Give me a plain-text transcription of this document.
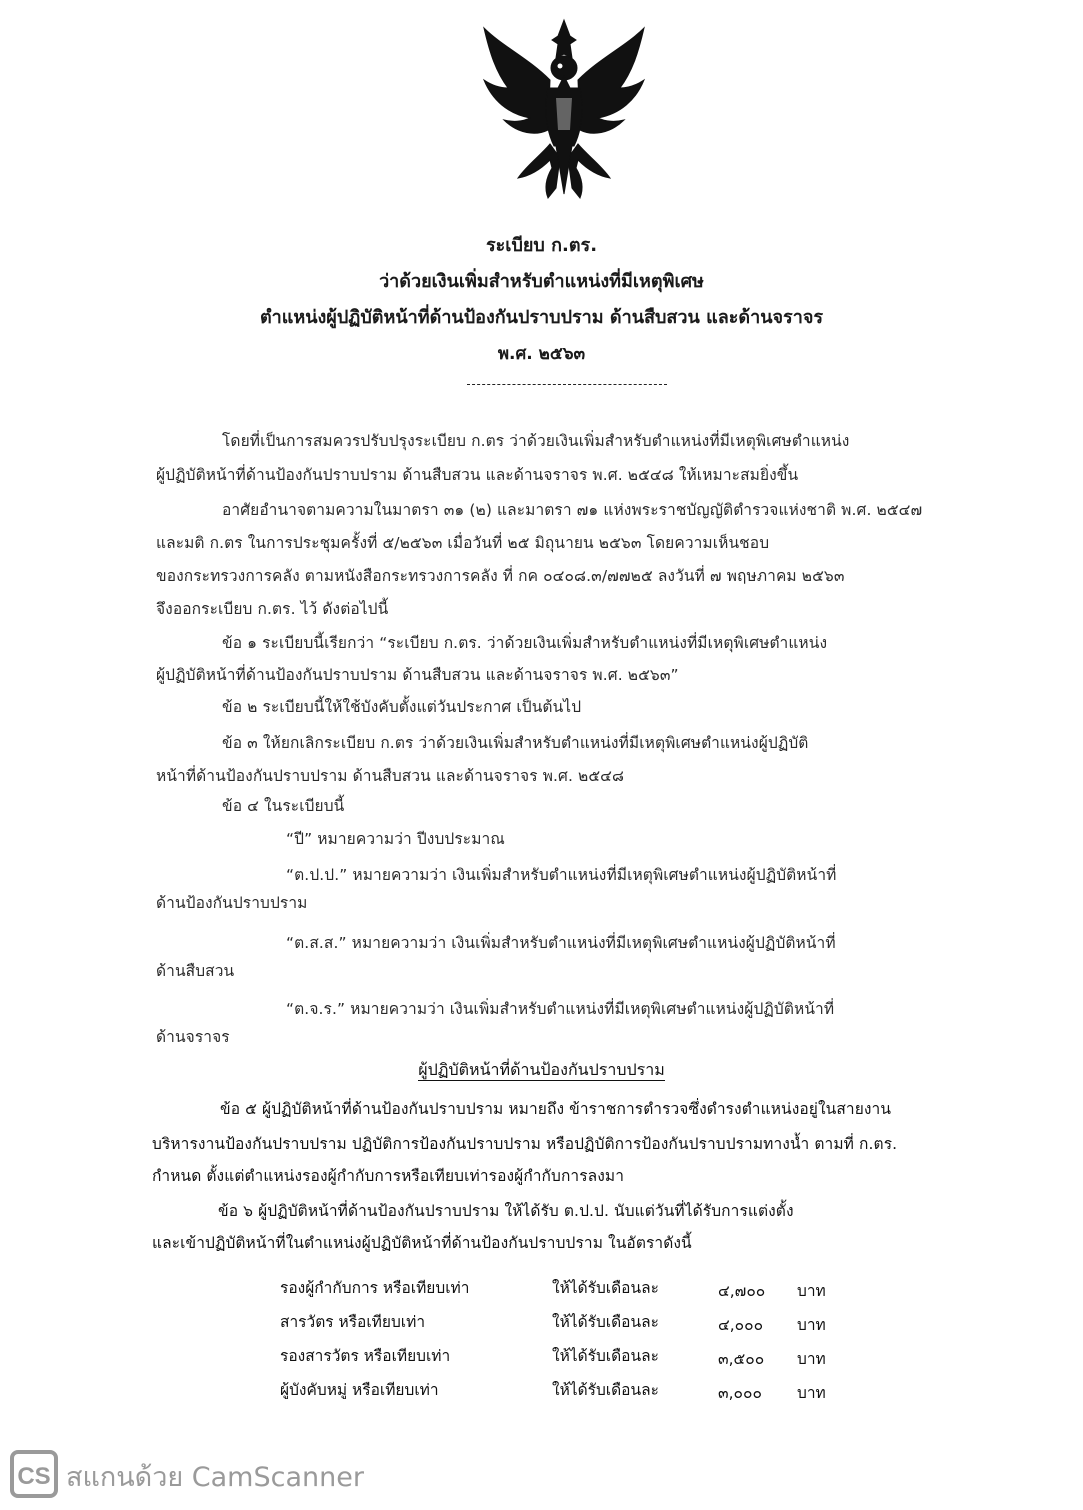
ระเบียบ ก.ตร.
ว่าด้วยเงินเพิ่มสำหรับตำแหน่งที่มีเหตุพิเศษ
ตำแหน่งผู้ปฏิบัติหน้าที่ด้านป้องกันปราบปราม ด้านสืบสวน และด้านจราจร
พ.ศ. ๒๕๖๓
โดยที่เป็นการสมควรปรับปรุงระเบียบ ก.ตร ว่าด้วยเงินเพิ่มสำหรับตำแหน่งที่มีเหตุพิเศษตำแหน่ง
ผู้ปฏิบัติหน้าที่ด้านป้องกันปราบปราม ด้านสืบสวน และด้านจราจร พ.ศ. ๒๕๔๘ ให้เหมาะสมยิ่งขึ้น
อาศัยอำนาจตามความในมาตรา ๓๑ (๒) และมาตรา ๗๑ แห่งพระราชบัญญัติตำรวจแห่งชาติ พ.ศ. ๒๕๔๗
และมติ ก.ตร ในการประชุมครั้งที่ ๕/๒๕๖๓ เมื่อวันที่ ๒๕ มิถุนายน ๒๕๖๓ โดยความเห็นชอบ
ของกระทรวงการคลัง ตามหนังสือกระทรวงการคลัง ที่ กค ๐๔๐๘.๓/๗๗๒๕ ลงวันที่ ๗ พฤษภาคม ๒๕๖๓
จึงออกระเบียบ ก.ตร. ไว้ ดังต่อไปนี้
ข้อ ๑ ระเบียบนี้เรียกว่า “ระเบียบ ก.ตร. ว่าด้วยเงินเพิ่มสำหรับตำแหน่งที่มีเหตุพิเศษตำแหน่ง
ผู้ปฏิบัติหน้าที่ด้านป้องกันปราบปราม ด้านสืบสวน และด้านจราจร พ.ศ. ๒๕๖๓”
ข้อ ๒ ระเบียบนี้ให้ใช้บังคับตั้งแต่วันประกาศ เป็นต้นไป
ข้อ ๓ ให้ยกเลิกระเบียบ ก.ตร ว่าด้วยเงินเพิ่มสำหรับตำแหน่งที่มีเหตุพิเศษตำแหน่งผู้ปฏิบัติ
หน้าที่ด้านป้องกันปราบปราม ด้านสืบสวน และด้านจราจร พ.ศ. ๒๕๔๘
ข้อ ๔ ในระเบียบนี้
“ปี” หมายความว่า ปีงบประมาณ
“ต.ป.ป.” หมายความว่า เงินเพิ่มสำหรับตำแหน่งที่มีเหตุพิเศษตำแหน่งผู้ปฏิบัติหน้าที่
ด้านป้องกันปราบปราม
“ต.ส.ส.” หมายความว่า เงินเพิ่มสำหรับตำแหน่งที่มีเหตุพิเศษตำแหน่งผู้ปฏิบัติหน้าที่
ด้านสืบสวน
“ต.จ.ร.” หมายความว่า เงินเพิ่มสำหรับตำแหน่งที่มีเหตุพิเศษตำแหน่งผู้ปฏิบัติหน้าที่
ด้านจราจร
ผู้ปฏิบัติหน้าที่ด้านป้องกันปราบปราม
ข้อ ๕ ผู้ปฏิบัติหน้าที่ด้านป้องกันปราบปราม หมายถึง ข้าราชการตำรวจซึ่งดำรงตำแหน่งอยู่ในสายงาน
บริหารงานป้องกันปราบปราม ปฏิบัติการป้องกันปราบปราม หรือปฏิบัติการป้องกันปราบปรามทางน้ำ ตามที่ ก.ตร.
กำหนด ตั้งแต่ตำแหน่งรองผู้กำกับการหรือเทียบเท่ารองผู้กำกับการลงมา
ข้อ ๖ ผู้ปฏิบัติหน้าที่ด้านป้องกันปราบปราม ให้ได้รับ ต.ป.ป. นับแต่วันที่ได้รับการแต่งตั้ง
และเข้าปฏิบัติหน้าที่ในตำแหน่งผู้ปฏิบัติหน้าที่ด้านป้องกันปราบปราม ในอัตราดังนี้
รองผู้กำกับการ หรือเทียบเท่า	ให้ได้รับเดือนละ	๔,๗๐๐ บาท
สารวัตร หรือเทียบเท่า	ให้ได้รับเดือนละ	๔,๐๐๐ บาท
รองสารวัตร หรือเทียบเท่า	ให้ได้รับเดือนละ	๓,๕๐๐ บาท
ผู้บังคับหมู่ หรือเทียบเท่า	ให้ได้รับเดือนละ	๓,๐๐๐ บาท
CS สแกนด้วย CamScanner
